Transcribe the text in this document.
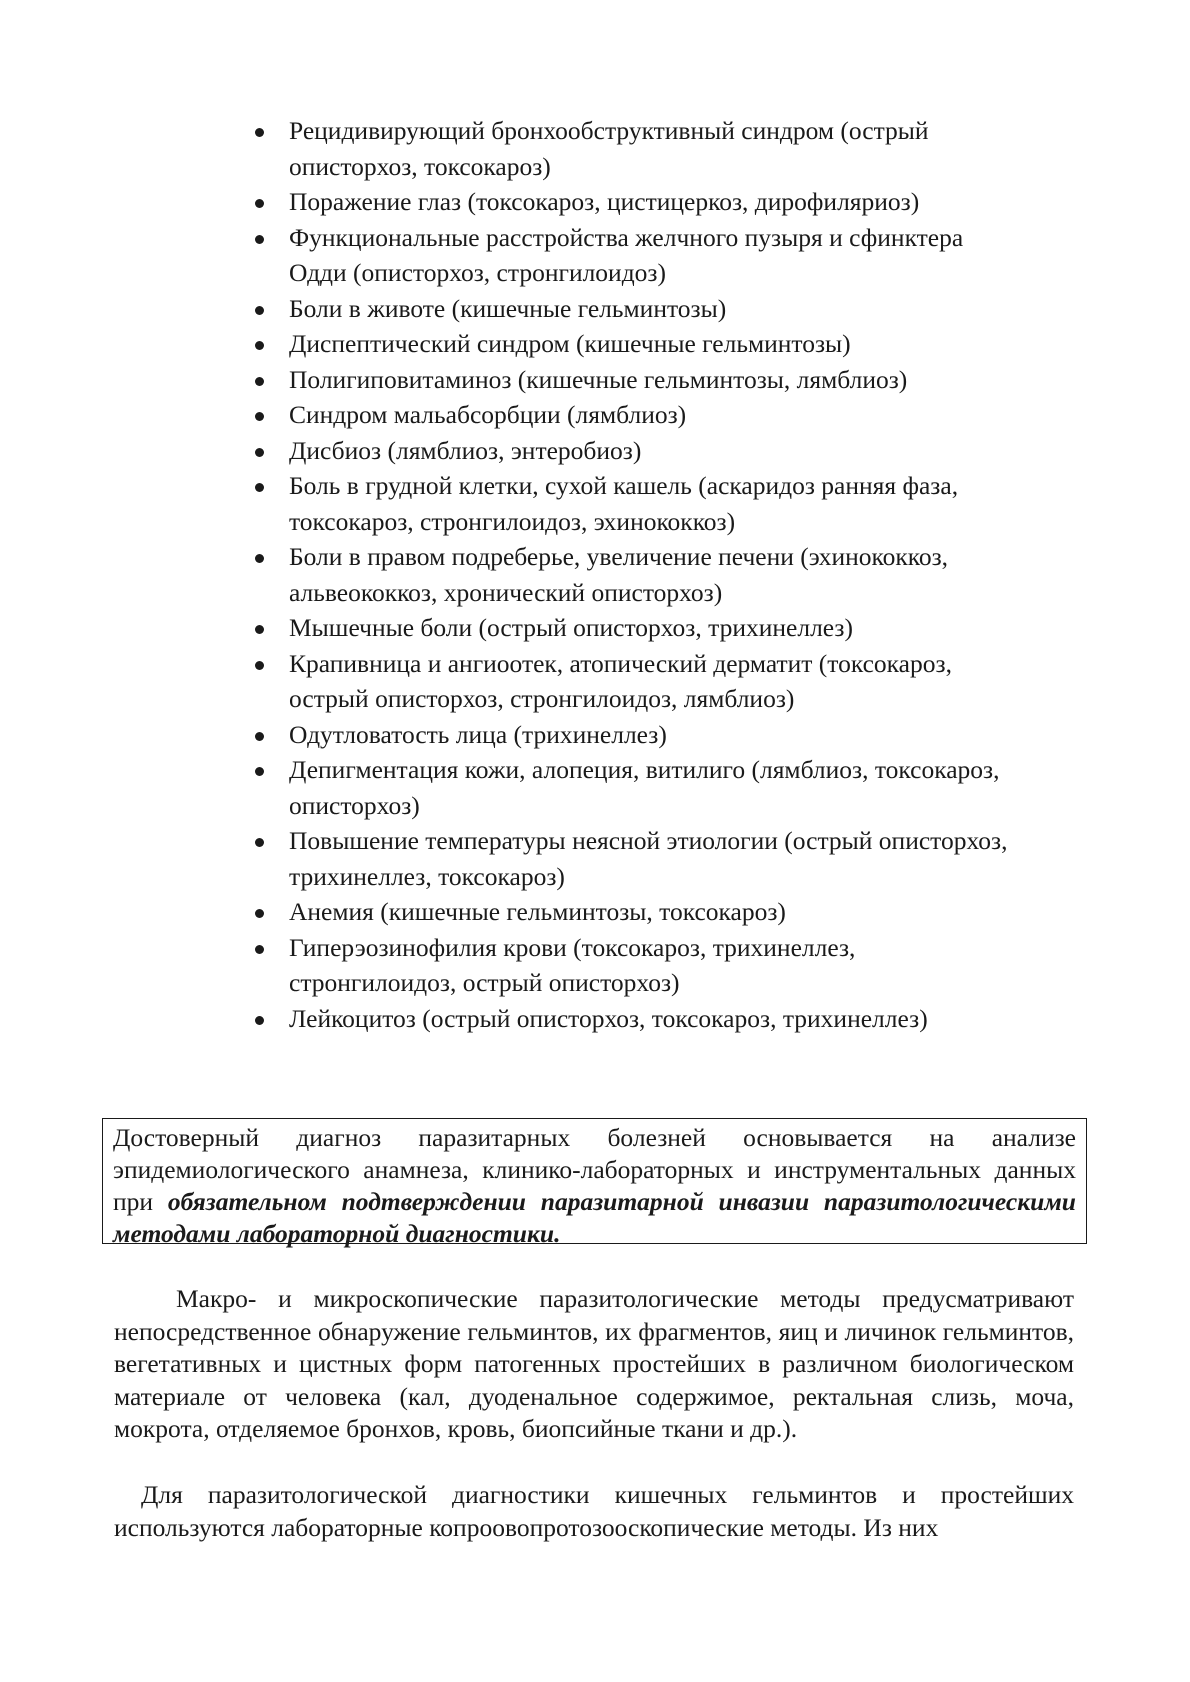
Рецидивирующий бронхообструктивный синдром (острый описторхоз, токсокароз)
Поражение глаз (токсокароз, цистицеркоз, дирофиляриоз)
Функциональные расстройства желчного пузыря и сфинктера Одди (описторхоз, стронгилоидоз)
Боли в животе (кишечные гельминтозы)
Диспептический синдром (кишечные гельминтозы)
Полигиповитаминоз (кишечные гельминтозы, лямблиоз)
Синдром мальабсорбции (лямблиоз)
Дисбиоз (лямблиоз, энтеробиоз)
Боль в грудной клетки, сухой кашель (аскаридоз ранняя фаза, токсокароз, стронгилоидоз, эхинококкоз)
Боли в правом подреберье, увеличение печени (эхинококкоз, альвеококкоз, хронический описторхоз)
Мышечные боли (острый описторхоз, трихинеллез)
Крапивница и ангиоотек, атопический дерматит (токсокароз, острый описторхоз, стронгилоидоз, лямблиоз)
Одутловатость лица (трихинеллез)
Депигментация кожи, алопеция, витилиго (лямблиоз, токсокароз, описторхоз)
Повышение температуры неясной этиологии (острый описторхоз, трихинеллез, токсокароз)
Анемия (кишечные гельминтозы, токсокароз)
Гиперэозинофилия крови (токсокароз, трихинеллез, стронгилоидоз, острый описторхоз)
Лейкоцитоз (острый описторхоз, токсокароз, трихинеллез)
Достоверный диагноз паразитарных болезней основывается на анализе эпидемиологического анамнеза, клинико-лабораторных и инструментальных данных при обязательном подтверждении паразитарной инвазии паразитологическими методами лабораторной диагностики.

Макро- и микроскопические паразитологические методы предусматривают непосредственное обнаружение гельминтов, их фрагментов, яиц и личинок гельминтов, вегетативных и цистных форм патогенных простейших в различном биологическом материале от человека (кал, дуоденальное содержимое, ректальная слизь, моча, мокрота, отделяемое бронхов, кровь, биопсийные ткани и др.).

Для паразитологической диагностики кишечных гельминтов и простейших используются лабораторные копроовопротозооскопические методы. Из них
